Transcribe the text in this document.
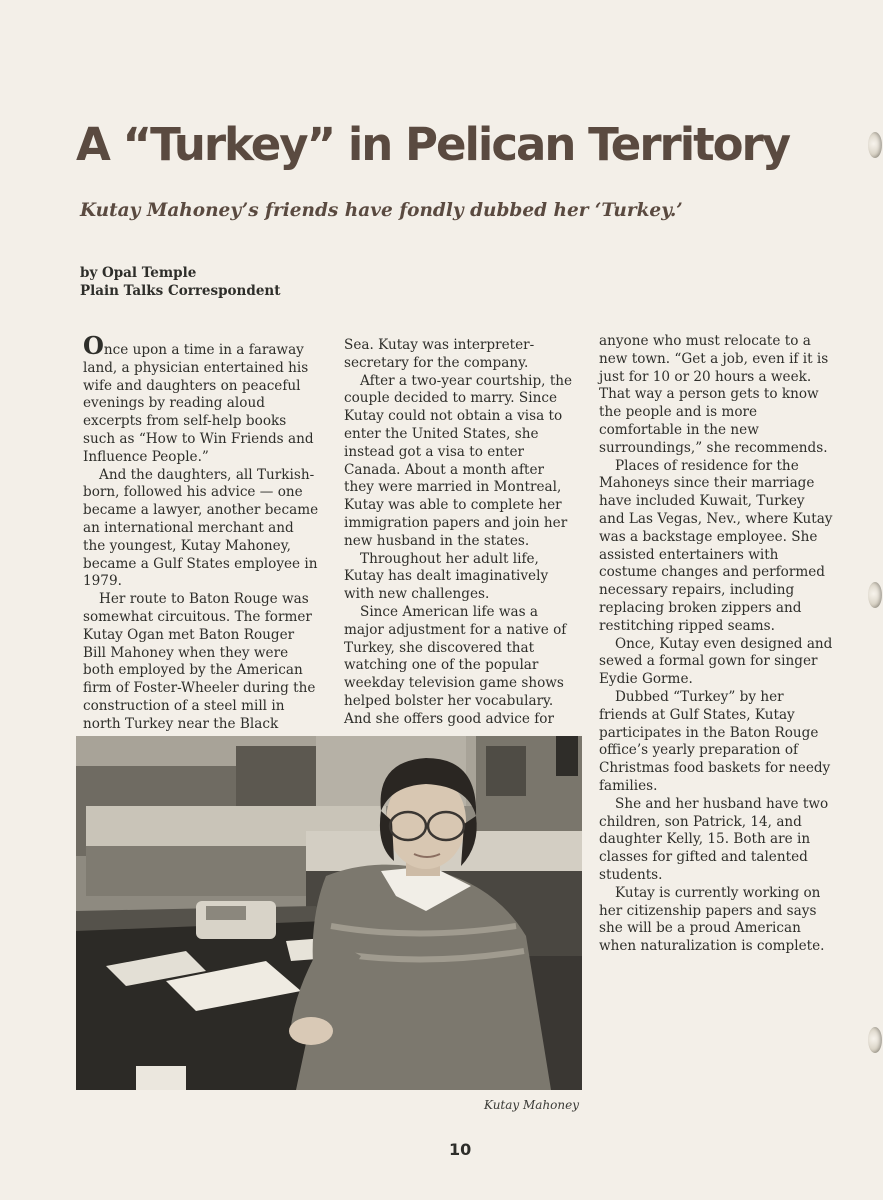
A “Turkey” in Pelican Territory
Kutay Mahoney’s friends have fondly dubbed her ‘Turkey.’
by Opal Temple
Plain Talks Correspondent

Once upon a time in a faraway land, a physician entertained his wife and daughters on peaceful evenings by reading aloud excerpts from self-help books such as “How to Win Friends and Influence People.”

And the daughters, all Turkish-born, followed his advice — one became a lawyer, another became an international merchant and the youngest, Kutay Mahoney, became a Gulf States employee in 1979.

Her route to Baton Rouge was somewhat circuitous. The former Kutay Ogan met Baton Rouger Bill Mahoney when they were both employed by the American firm of Foster-Wheeler during the construction of a steel mill in north Turkey near the Black

Sea. Kutay was interpreter-secretary for the company.

After a two-year courtship, the couple decided to marry. Since Kutay could not obtain a visa to enter the United States, she instead got a visa to enter Canada. About a month after they were married in Montreal, Kutay was able to complete her immigration papers and join her new husband in the states.

Throughout her adult life, Kutay has dealt imaginatively with new challenges.

Since American life was a major adjustment for a native of Turkey, she discovered that watching one of the popular weekday television game shows helped bolster her vocabulary. And she offers good advice for

anyone who must relocate to a new town. “Get a job, even if it is just for 10 or 20 hours a week. That way a person gets to know the people and is more comfortable in the new surroundings,” she recommends.

Places of residence for the Mahoneys since their marriage have included Kuwait, Turkey and Las Vegas, Nev., where Kutay was a backstage employee. She assisted entertainers with costume changes and performed necessary repairs, including replacing broken zippers and restitching ripped seams.

Once, Kutay even designed and sewed a formal gown for singer Eydie Gorme.

Dubbed “Turkey” by her friends at Gulf States, Kutay participates in the Baton Rouge office’s yearly preparation of Christmas food baskets for needy families.

She and her husband have two children, son Patrick, 14, and daughter Kelly, 15. Both are in classes for gifted and talented students.

Kutay is currently working on her citizenship papers and says she will be a proud American when naturalization is complete.

Kutay Mahoney
10
